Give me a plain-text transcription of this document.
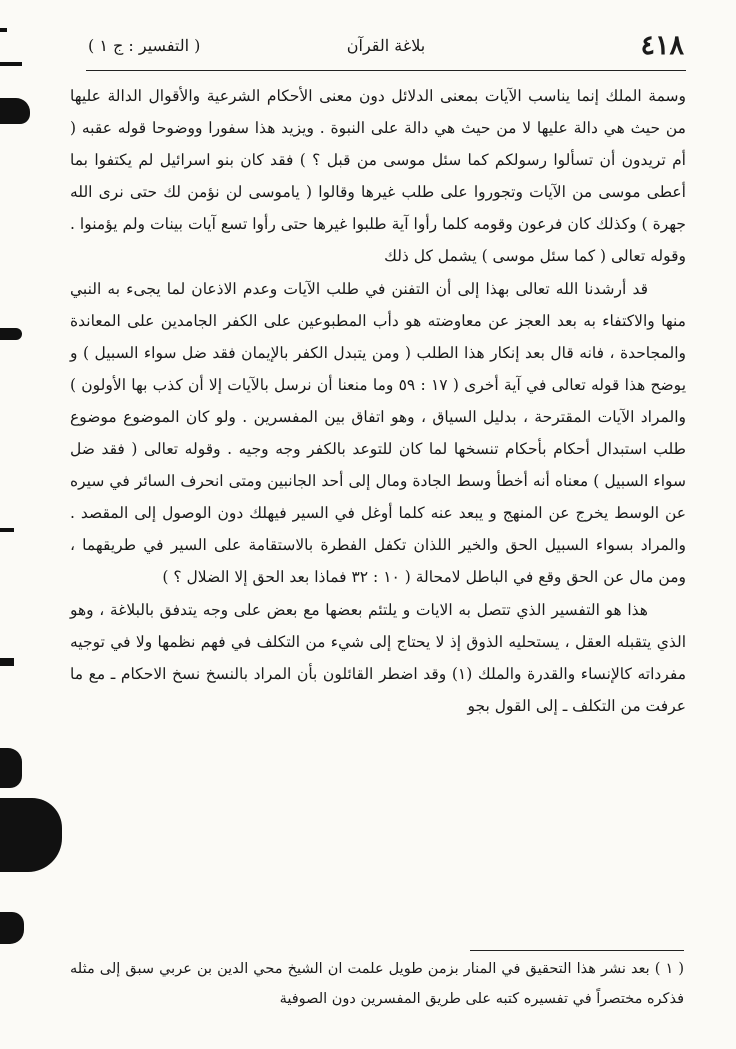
٤١٨
بلاغة القرآن
( التفسير : ج ١ )

وسمة الملك إنما يناسب الآيات بمعنى الدلائل دون معنى الأحكام الشرعية والأقوال الدالة عليها من حيث هي دالة عليها لا من حيث هي دالة على النبوة . ويزيد هذا سفورا ووضوحا قوله عقبه ( أم تريدون أن تسألوا رسولكم كما سئل موسى من قبل ؟ ) فقد كان بنو اسرائيل لم يكتفوا بما أعطى موسى من الآيات وتجوروا على طلب غيرها وقالوا ( ياموسى لن نؤمن لك حتى نرى الله جهرة ) وكذلك كان فرعون وقومه كلما رأوا آية طلبوا غيرها حتى رأوا تسع آيات بينات ولم يؤمنوا . وقوله تعالى ( كما سئل موسى ) يشمل كل ذلك

قد أرشدنا الله تعالى بهذا إلى أن التفنن في طلب الآيات وعدم الاذعان لما يجىء به النبي منها والاكتفاء به بعد العجز عن معاوضته هو دأب المطبوعين على الكفر الجامدين على المعاندة والمجاحدة ، فانه قال بعد إنكار هذا الطلب ( ومن يتبدل الكفر بالإيمان فقد ضل سواء السبيل ) و يوضح هذا قوله تعالى في آية أخرى ( ١٧ : ٥٩ وما منعنا أن نرسل بالآيات إلا أن كذب بها الأولون ) والمراد الآيات المقترحة ، بدليل السياق ، وهو اتفاق بين المفسرين . ولو كان الموضوع موضوع طلب استبدال أحكام بأحكام تنسخها لما كان للتوعد بالكفر وجه وجيه . وقوله تعالى ( فقد ضل سواء السبيل ) معناه أنه أخطأ وسط الجادة ومال إلى أحد الجانبين ومتى انحرف السائر في سيره عن الوسط يخرج عن المنهج و يبعد عنه كلما أوغل في السير فيهلك دون الوصول إلى المقصد . والمراد بسواء السبيل الحق والخير اللذان تكفل الفطرة بالاستقامة على السير في طريقهما ، ومن مال عن الحق وقع في الباطل لامحالة ( ١٠ : ٣٢ فماذا بعد الحق إلا الضلال ؟ )

هذا هو التفسير الذي تتصل به الايات و يلتئم بعضها مع بعض على وجه يتدفق بالبلاغة ، وهو الذي يتقبله العقل ، يستحليه الذوق إذ لا يحتاج إلى شيء من التكلف في فهم نظمها ولا في توجيه مفرداته كالإنساء والقدرة والملك (١) وقد اضطر القائلون بأن المراد بالنسخ نسخ الاحكام ـ مع ما عرفت من التكلف ـ إلى القول بجو

( ١ ) بعد نشر هذا التحقيق في المنار بزمن طويل علمت ان الشيخ محي الدين بن عربي سبق إلى مثله فذكره مختصراً في تفسيره كتبه على طريق المفسرين دون الصوفية
